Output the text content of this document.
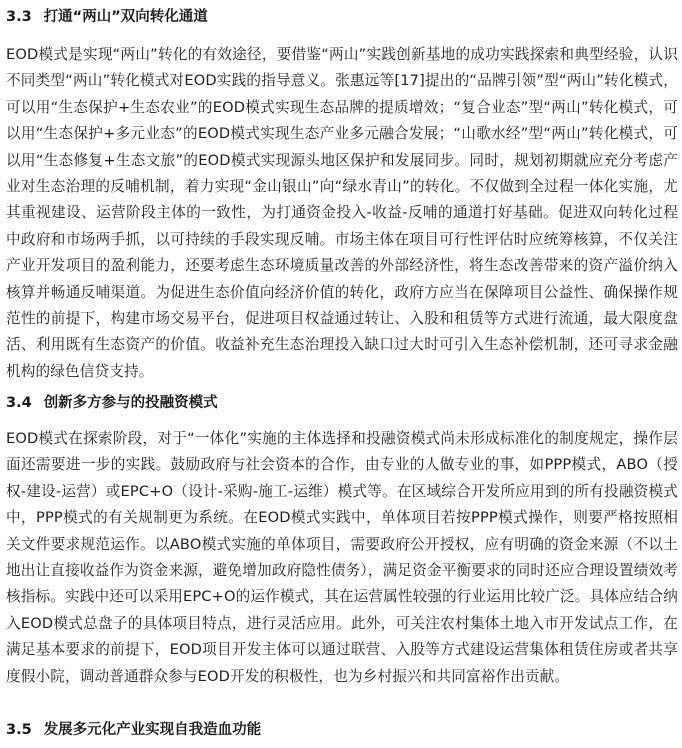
3.3 打通“两山”双向转化通道

EOD模式是实现“两山”转化的有效途径，要借鉴“两山”实践创新基地的成功实践探索和典型经验，认识不同类型“两山”转化模式对EOD实践的指导意义。张惠远等[17]提出的“品牌引领”型“两山”转化模式，可以用“生态保护+生态农业”的EOD模式实现生态品牌的提质增效；“复合业态”型“两山”转化模式，可以用“生态保护+多元业态”的EOD模式实现生态产业多元融合发展；“山歌水经”型“两山”转化模式，可以用“生态修复+生态文旅”的EOD模式实现源头地区保护和发展同步。同时，规划初期就应充分考虑产业对生态治理的反哺机制，着力实现“金山银山”向“绿水青山”的转化。不仅做到全过程一体化实施，尤其重视建设、运营阶段主体的一致性，为打通资金投入-收益-反哺的通道打好基础。促进双向转化过程中政府和市场两手抓，以可持续的手段实现反哺。市场主体在项目可行性评估时应统筹核算，不仅关注产业开发项目的盈利能力，还要考虑生态环境质量改善的外部经济性，将生态改善带来的资产溢价纳入核算并畅通反哺渠道。为促进生态价值向经济价值的转化，政府方应当在保障项目公益性、确保操作规范性的前提下，构建市场交易平台，促进项目权益通过转让、入股和租赁等方式进行流通，最大限度盘活、利用既有生态资产的价值。收益补充生态治理投入缺口过大时可引入生态补偿机制，还可寻求金融机构的绿色信贷支持。

3.4 创新多方参与的投融资模式

EOD模式在探索阶段，对于“一体化”实施的主体选择和投融资模式尚未形成标准化的制度规定，操作层面还需要进一步的实践。鼓励政府与社会资本的合作，由专业的人做专业的事，如PPP模式，ABO（授权-建设-运营）或EPC+O（设计-采购-施工-运维）模式等。在区域综合开发所应用到的所有投融资模式中，PPP模式的有关规制更为系统。在EOD模式实践中，单体项目若按PPP模式操作，则要严格按照相关文件要求规范运作。以ABO模式实施的单体项目，需要政府公开授权，应有明确的资金来源（不以土地出让直接收益作为资金来源，避免增加政府隐性债务），满足资金平衡要求的同时还应合理设置绩效考核指标。实践中还可以采用EPC+O的运作模式，其在运营属性较强的行业运用比较广泛。具体应结合纳入EOD模式总盘子的具体项目特点，进行灵活应用。此外，可关注农村集体土地入市开发试点工作，在满足基本要求的前提下，EOD项目开发主体可以通过联营、入股等方式建设运营集体租赁住房或者共享度假小院，调动普通群众参与EOD开发的积极性，也为乡村振兴和共同富裕作出贡献。

3.5 发展多元化产业实现自我造血功能
